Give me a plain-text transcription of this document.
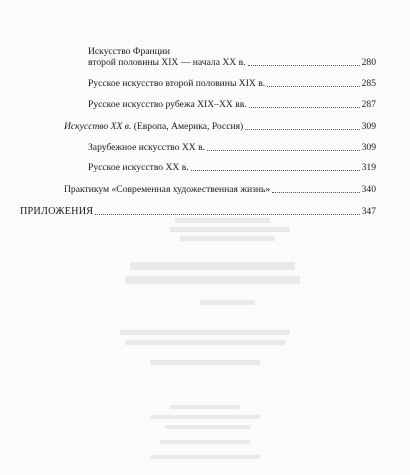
Искусство Франции
второй половины XIX — начала XX в.	280
Русское искусство второй половины XIX в.	285
Русское искусство рубежа XIX–XX вв.	287
Искусство XX в. (Европа, Америка, Россия)	309
Зарубежное искусство XX в.	309
Русское искусство XX в.	319
Практикум «Современная художественная жизнь»	340
ПРИЛОЖЕНИЯ	347
